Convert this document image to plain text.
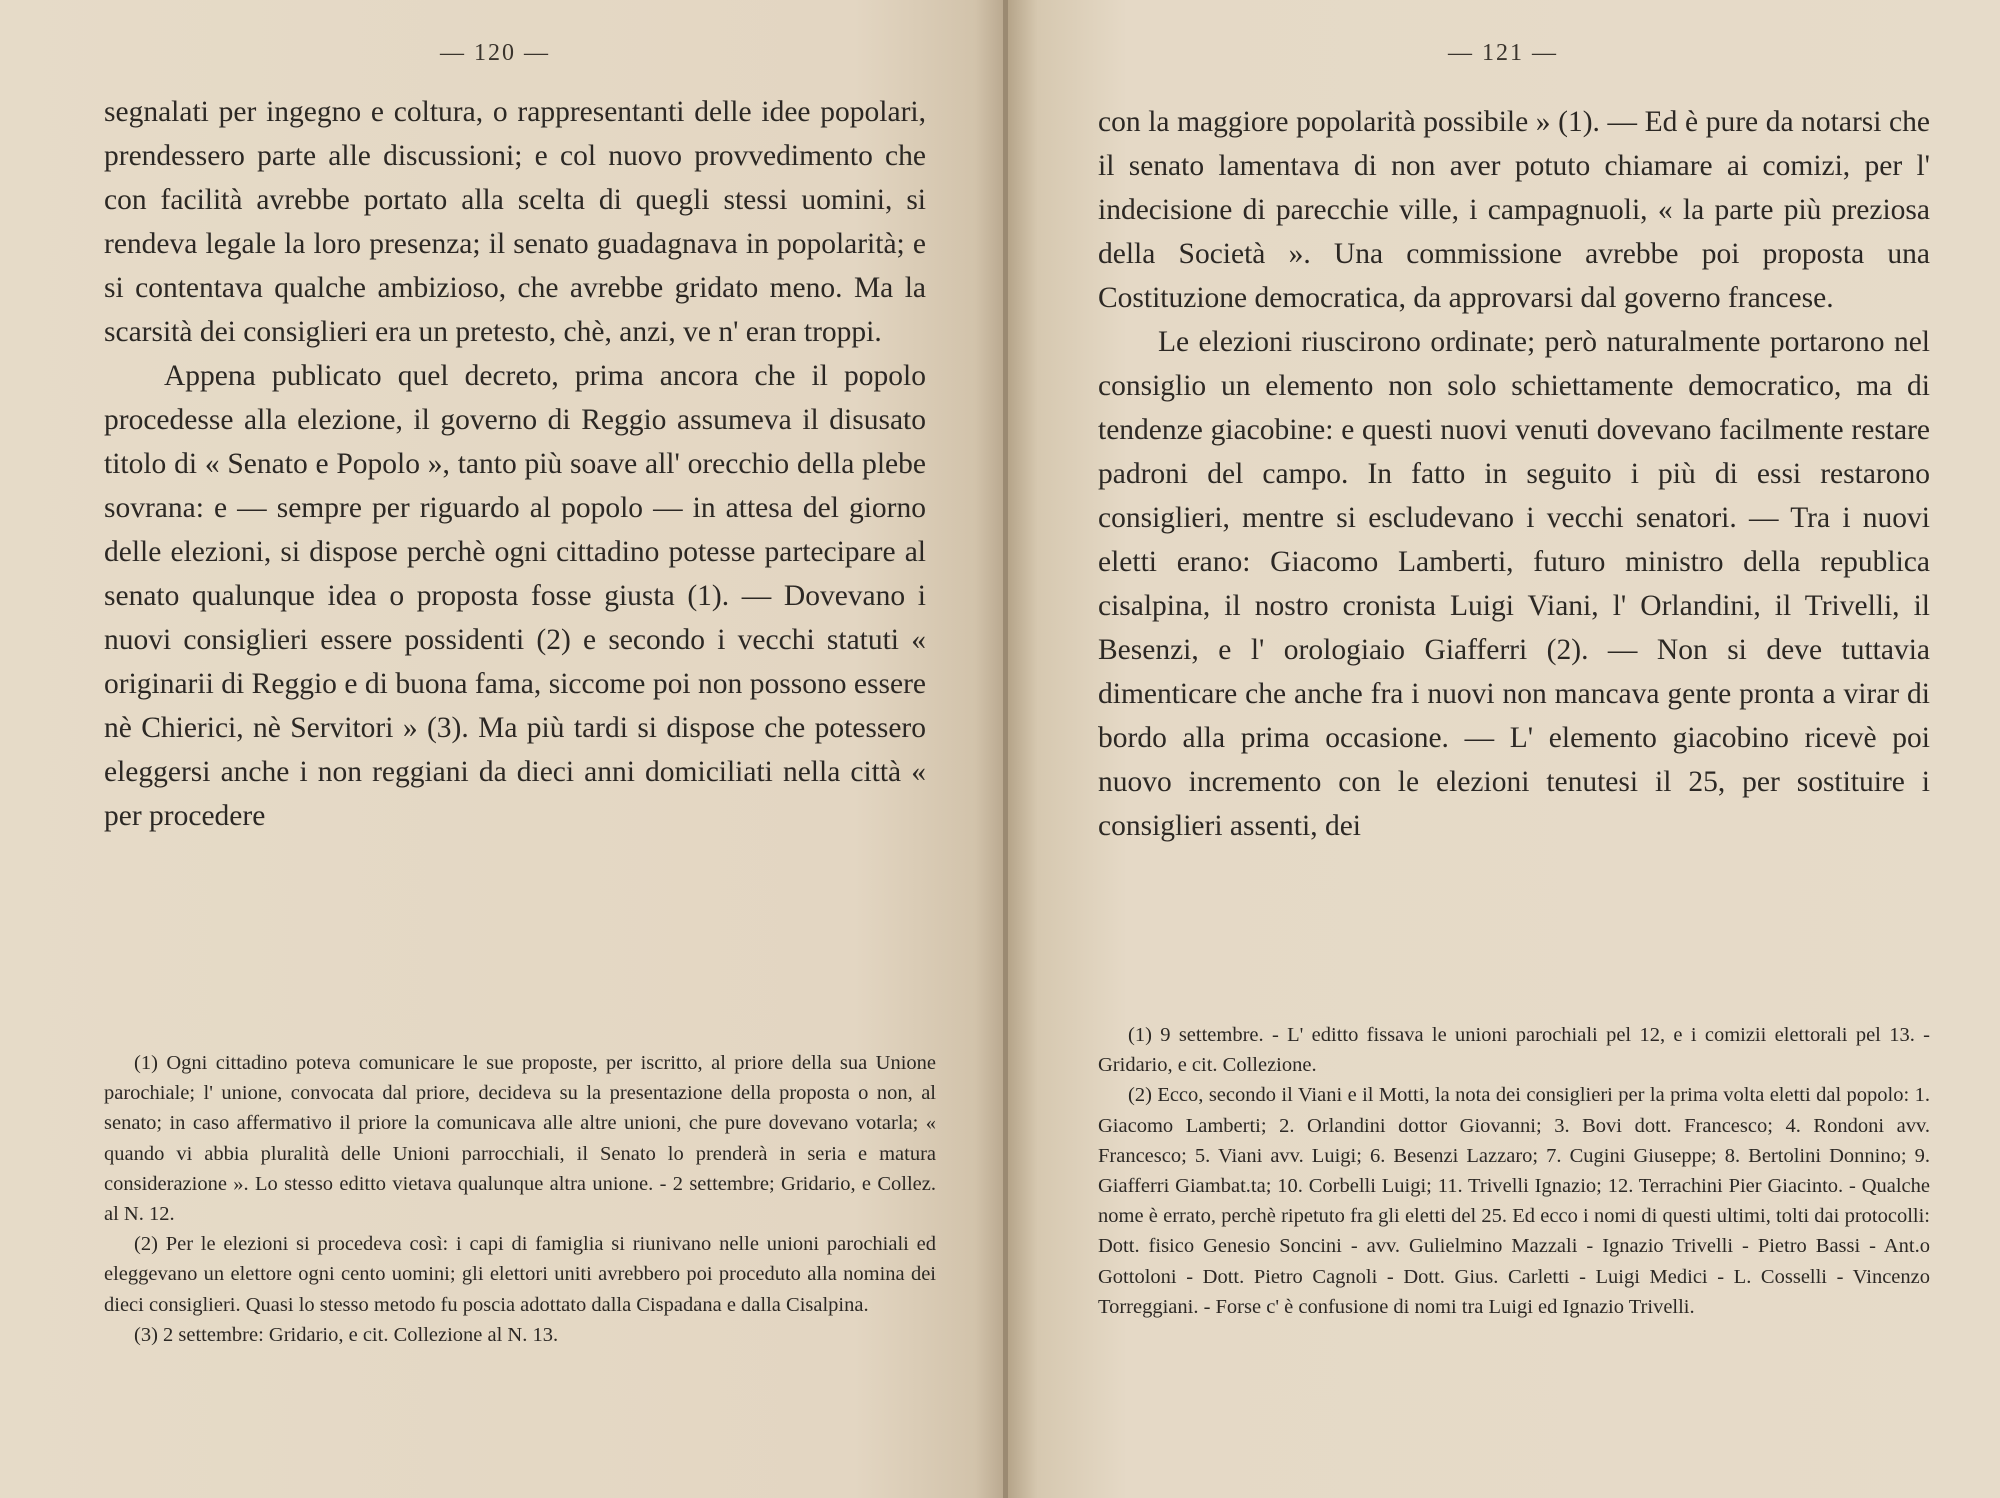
— 120 —

segnalati per ingegno e coltura, o rappresentanti delle idee popolari, prendessero parte alle discussioni; e col nuovo provvedimento che con facilità avrebbe portato alla scelta di quegli stessi uomini, si rendeva legale la loro presenza; il senato guadagnava in popolarità; e si contentava qualche ambizioso, che avrebbe gridato meno. Ma la scarsità dei consiglieri era un pretesto, chè, anzi, ve n' eran troppi.

Appena publicato quel decreto, prima ancora che il popolo procedesse alla elezione, il governo di Reggio assumeva il disusato titolo di « Senato e Popolo », tanto più soave all' orecchio della plebe sovrana: e — sempre per riguardo al popolo — in attesa del giorno delle elezioni, si dispose perchè ogni cittadino potesse partecipare al senato qualunque idea o proposta fosse giusta (1). — Dovevano i nuovi consiglieri essere possidenti (2) e secondo i vecchi statuti « originarii di Reggio e di buona fama, siccome poi non possono essere nè Chierici, nè Servitori » (3). Ma più tardi si dispose che potessero eleggersi anche i non reggiani da dieci anni domiciliati nella città « per procedere

(1) Ogni cittadino poteva comunicare le sue proposte, per iscritto, al priore della sua Unione parochiale; l' unione, convocata dal priore, decideva su la presentazione della proposta o non, al senato; in caso affermativo il priore la comunicava alle altre unioni, che pure dovevano votarla; « quando vi abbia pluralità delle Unioni parrocchiali, il Senato lo prenderà in seria e matura considerazione ». Lo stesso editto vietava qualunque altra unione. - 2 settembre; Gridario, e Collez. al N. 12.

(2) Per le elezioni si procedeva così: i capi di famiglia si riunivano nelle unioni parochiali ed eleggevano un elettore ogni cento uomini; gli elettori uniti avrebbero poi proceduto alla nomina dei dieci consiglieri. Quasi lo stesso metodo fu poscia adottato dalla Cispadana e dalla Cisalpina.

(3) 2 settembre: Gridario, e cit. Collezione al N. 13.

— 121 —

con la maggiore popolarità possibile » (1). — Ed è pure da notarsi che il senato lamentava di non aver potuto chiamare ai comizi, per l' indecisione di parecchie ville, i campagnuoli, « la parte più preziosa della Società ». Una commissione avrebbe poi proposta una Costituzione democratica, da approvarsi dal governo francese.

Le elezioni riuscirono ordinate; però naturalmente portarono nel consiglio un elemento non solo schiettamente democratico, ma di tendenze giacobine: e questi nuovi venuti dovevano facilmente restare padroni del campo. In fatto in seguito i più di essi restarono consiglieri, mentre si escludevano i vecchi senatori. — Tra i nuovi eletti erano: Giacomo Lamberti, futuro ministro della republica cisalpina, il nostro cronista Luigi Viani, l' Orlandini, il Trivelli, il Besenzi, e l' orologiaio Giafferri (2). — Non si deve tuttavia dimenticare che anche fra i nuovi non mancava gente pronta a virar di bordo alla prima occasione. — L' elemento giacobino ricevè poi nuovo incremento con le elezioni tenutesi il 25, per sostituire i consiglieri assenti, dei

(1) 9 settembre. - L' editto fissava le unioni parochiali pel 12, e i comizii elettorali pel 13. - Gridario, e cit. Collezione.

(2) Ecco, secondo il Viani e il Motti, la nota dei consiglieri per la prima volta eletti dal popolo: 1. Giacomo Lamberti; 2. Orlandini dottor Giovanni; 3. Bovi dott. Francesco; 4. Rondoni avv. Francesco; 5. Viani avv. Luigi; 6. Besenzi Lazzaro; 7. Cugini Giuseppe; 8. Bertolini Donnino; 9. Giafferri Giambat.ta; 10. Corbelli Luigi; 11. Trivelli Ignazio; 12. Terrachini Pier Giacinto. - Qualche nome è errato, perchè ripetuto fra gli eletti del 25. Ed ecco i nomi di questi ultimi, tolti dai protocolli: Dott. fisico Genesio Soncini - avv. Gulielmino Mazzali - Ignazio Trivelli - Pietro Bassi - Ant.o Gottoloni - Dott. Pietro Cagnoli - Dott. Gius. Carletti - Luigi Medici - L. Cosselli - Vincenzo Torreggiani. - Forse c' è confusione di nomi tra Luigi ed Ignazio Trivelli.
